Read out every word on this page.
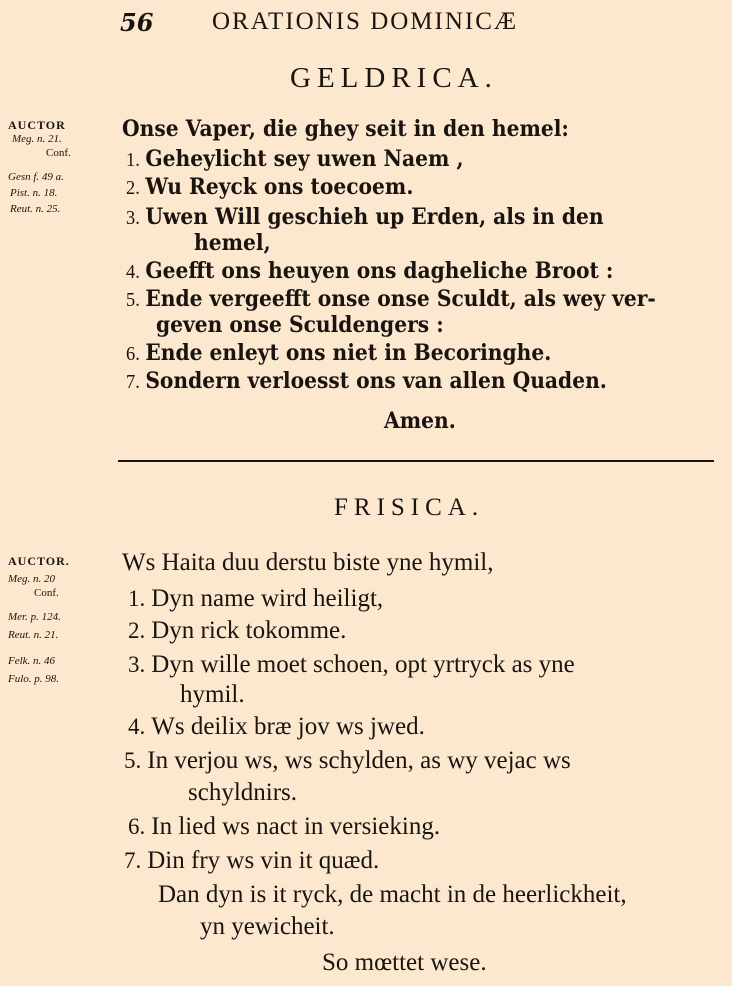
56 ORATIONIS DOMINICÆ
GELDRICA.
AUCTOR
Meg. n. 21.
Conf.
Gesn f. 49 a.
Pist. n. 18.
Reut. n. 25.
Onse Vaper, die ghey seit in den hemel:
1. Geheylicht sey uwen Naem ,
2. Wu Reyck ons toecoem.
3. Uwen Will geschieh up Erden, als in den
hemel,
4. Geefft ons heuyen ons dagheliche Broot :
5. Ende vergeefft onse onse Sculdt, als wey ver-
geven onse Sculdengers :
6. Ende enleyt ons niet in Becoringhe.
7. Sondern verloesst ons van allen Quaden.
Amen.
FRISICA.
AUCTOR.
Meg. n. 20
Conf.
Mer. p. 124.
Reut. n. 21.
Felk. n. 46
Fulo. p. 98.
Ws Haita duu derstu biste yne hymil,
1. Dyn name wird heiligt,
2. Dyn rick tokomme.
3. Dyn wille moet schoen, opt yrtryck as yne
hymil.
4. Ws deilix bræ jov ws jwed.
5. In verjou ws, ws schylden, as wy vejac ws
schyldnirs.
6. In lied ws nact in versieking.
7. Din fry ws vin it quæd.
Dan dyn is it ryck, de macht in de heerlickheit,
yn yewicheit.
So mœttet wese.
